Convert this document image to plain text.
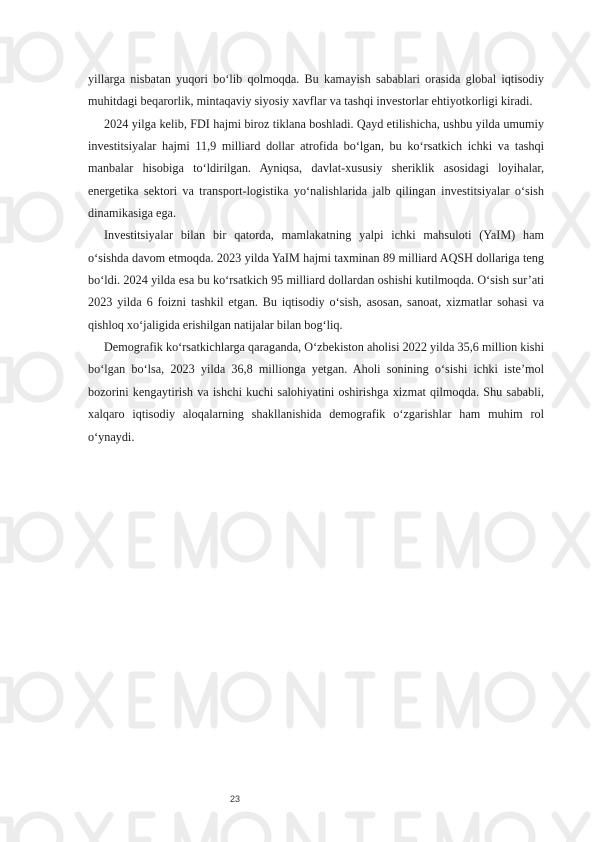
yillarga nisbatan yuqori bo‘lib qolmoqda. Bu kamayish sabablari orasida global iqtisodiy muhitdagi beqarorlik, mintaqaviy siyosiy xavflar va tashqi investorlar ehtiyotkorligi kiradi.

2024 yilga kelib, FDI hajmi biroz tiklana boshladi. Qayd etilishicha, ushbu yilda umumiy investitsiyalar hajmi 11,9 milliard dollar atrofida bo‘lgan, bu ko‘rsatkich ichki va tashqi manbalar hisobiga to‘ldirilgan. Ayniqsa, davlat-xususiy sheriklik asosidagi loyihalar, energetika sektori va transport-logistika yo‘nalishlarida jalb qilingan investitsiyalar o‘sish dinamikasiga ega.

Investitsiyalar bilan bir qatorda, mamlakatning yalpi ichki mahsuloti (YaIM) ham o‘sishda davom etmoqda. 2023 yilda YaIM hajmi taxminan 89 milliard AQSH dollariga teng bo‘ldi. 2024 yilda esa bu ko‘rsatkich 95 milliard dollardan oshishi kutilmoqda. O‘sish sur’ati 2023 yilda 6 foizni tashkil etgan. Bu iqtisodiy o‘sish, asosan, sanoat, xizmatlar sohasi va qishloq xo‘jaligida erishilgan natijalar bilan bog‘liq.

Demografik ko‘rsatkichlarga qaraganda, O‘zbekiston aholisi 2022 yilda 35,6 million kishi bo‘lgan bo‘lsa, 2023 yilda 36,8 millionga yetgan. Aholi sonining o‘sishi ichki iste’mol bozorini kengaytirish va ishchi kuchi salohiyatini oshirishga xizmat qilmoqda. Shu sababli, xalqaro iqtisodiy aloqalarning shakllanishida demografik o‘zgarishlar ham muhim rol o‘ynaydi.

23
